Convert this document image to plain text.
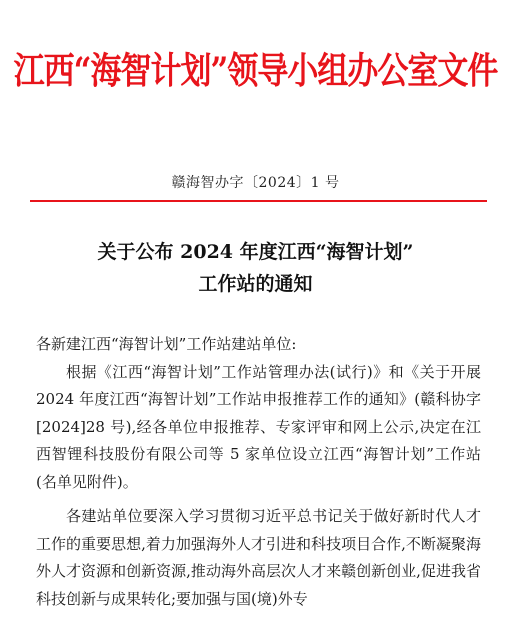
江西“海智计划”领导小组办公室文件
赣海智办字〔2024〕1 号
关于公布 2024 年度江西“海智计划”
工作站的通知

各新建江西“海智计划”工作站建站单位:

根据《江西“海智计划”工作站管理办法(试行)》和《关于开展 2024 年度江西“海智计划”工作站申报推荐工作的通知》(赣科协字[2024]28 号),经各单位申报推荐、专家评审和网上公示,决定在江西智锂科技股份有限公司等 5 家单位设立江西“海智计划”工作站(名单见附件)。

各建站单位要深入学习贯彻习近平总书记关于做好新时代人才工作的重要思想,着力加强海外人才引进和科技项目合作,不断凝聚海外人才资源和创新资源,推动海外高层次人才来赣创新创业,促进我省科技创新与成果转化;要加强与国(境)外专
